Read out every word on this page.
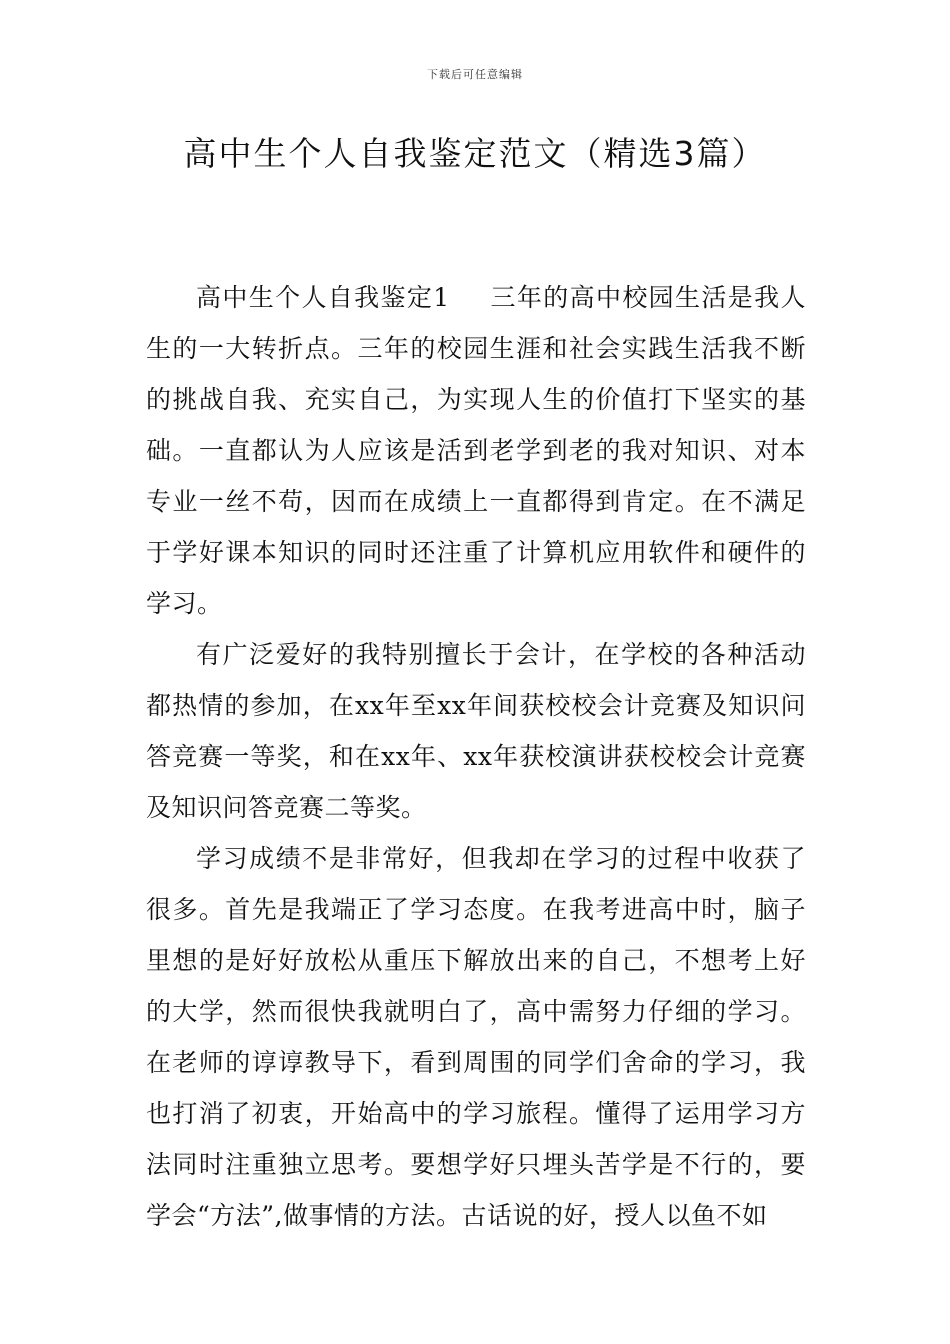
下载后可任意编辑
高中生个人自我鉴定范文（精选3篇）

高中生个人自我鉴定1 三年的高中校园生活是我人生的一大转折点。三年的校园生涯和社会实践生活我不断的挑战自我、充实自己，为实现人生的价值打下坚实的基础。一直都认为人应该是活到老学到老的我对知识、对本专业一丝不苟，因而在成绩上一直都得到肯定。在不满足于学好课本知识的同时还注重了计算机应用软件和硬件的学习。

有广泛爱好的我特别擅长于会计，在学校的各种活动都热情的参加，在xx年至xx年间获校校会计竞赛及知识问答竞赛一等奖，和在xx年、xx年获校演讲获校校会计竞赛及知识问答竞赛二等奖。

学习成绩不是非常好，但我却在学习的过程中收获了很多。首先是我端正了学习态度。在我考进高中时，脑子里想的是好好放松从重压下解放出来的自己，不想考上好的大学，然而很快我就明白了，高中需努力仔细的学习。在老师的谆谆教导下，看到周围的同学们舍命的学习，我也打消了初衷，开始高中的学习旅程。懂得了运用学习方法同时注重独立思考。要想学好只埋头苦学是不行的，要学会“方法”,做事情的方法。古话说的好，授人以鱼不如
